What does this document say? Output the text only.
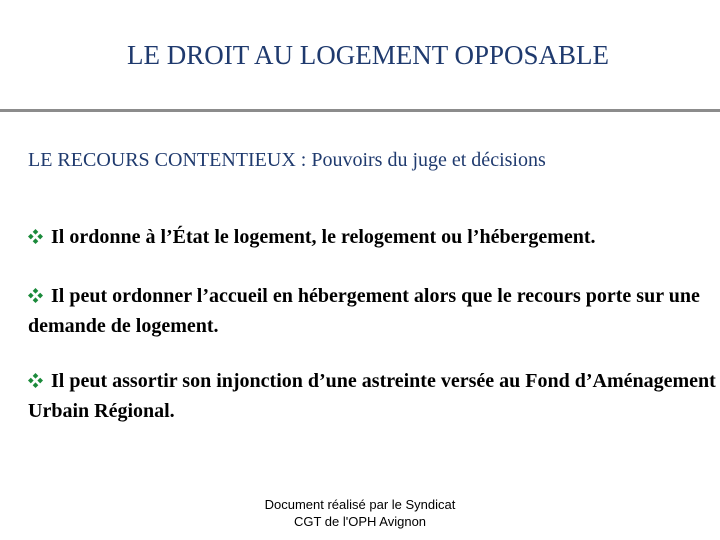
LE DROIT AU LOGEMENT OPPOSABLE
LE RECOURS CONTENTIEUX : Pouvoirs du juge et décisions
Il ordonne à l’État le logement, le relogement ou l’hébergement.
Il peut ordonner l’accueil en hébergement alors que le recours porte sur une demande de logement.
Il peut assortir son injonction d’une astreinte versée au Fond d’Aménagement Urbain Régional.
Document réalisé par le Syndicat
CGT de l'OPH Avignon
